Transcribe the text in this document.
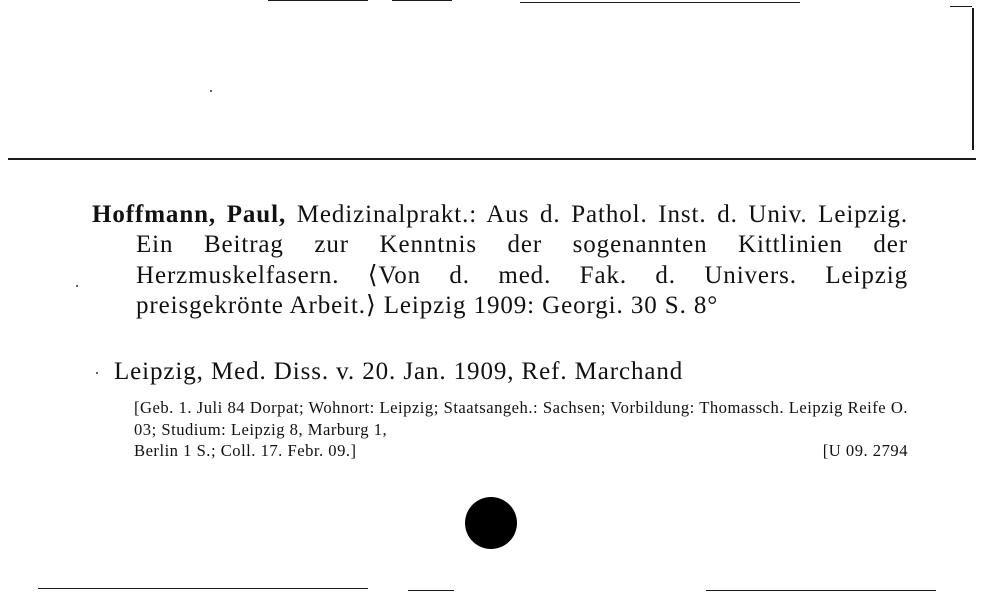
Hoffmann, Paul, Medizinalprakt.: Aus d. Pathol. Inst. d. Univ. Leipzig. Ein Beitrag zur Kenntnis der sogenannten Kittlinien der Herzmuskelfasern. ⟨Von d. med. Fak. d. Univers. Leipzig preisgekrönte Arbeit.⟩ Leipzig 1909: Georgi. 30 S. 8°
Leipzig, Med. Diss. v. 20. Jan. 1909, Ref. Marchand
[Geb. 1. Juli 84 Dorpat; Wohnort: Leipzig; Staatsangeh.: Sachsen; Vorbildung: Thomassch. Leipzig Reife O. 03; Studium: Leipzig 8, Marburg 1,
Berlin 1 S.; Coll. 17. Febr. 09.]	[U 09. 2794
